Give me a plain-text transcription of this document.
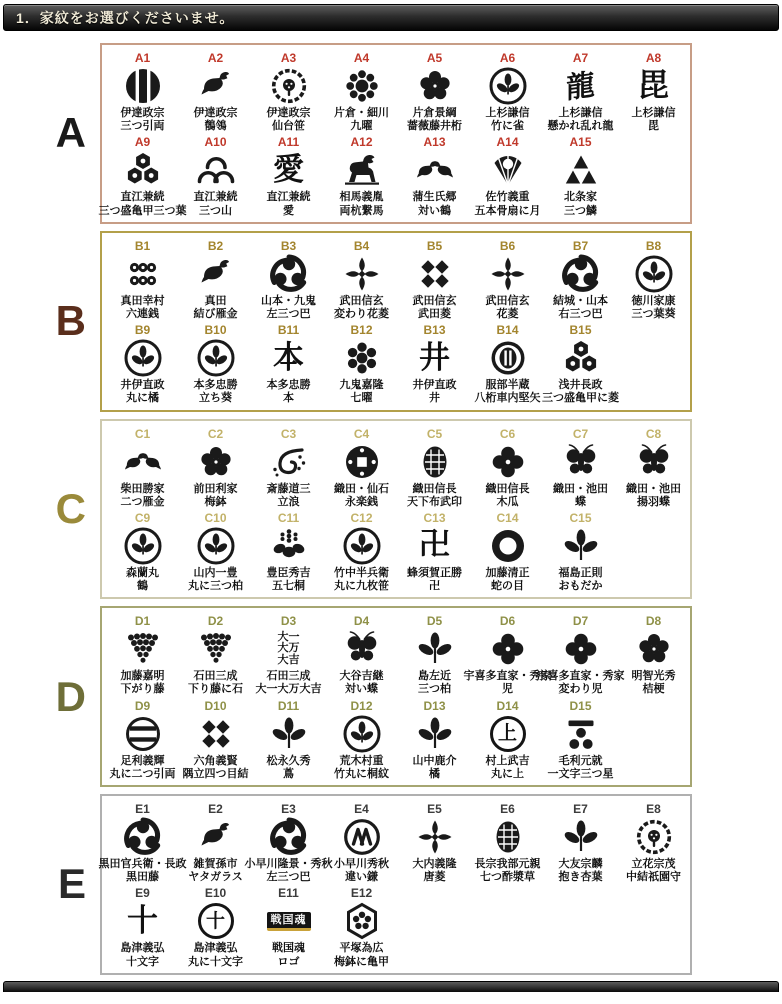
1．家紋をお選びくださいませ。
A
A1
伊達政宗
三つ引両
A2
伊達政宗
鶺鴒
A3
伊達政宗
仙台笹
A4
片倉・細川
九曜
A5
片倉景綱
薔薇藤井桁
A6
上杉謙信
竹に雀
A7
龍
上杉謙信
懸かれ乱れ龍
A8
毘
上杉謙信
毘
A9
直江兼続
三つ盛亀甲三つ葉
A10
直江兼続
三つ山
A11
愛
直江兼続
愛
A12
相馬義胤
両杭繋馬
A13
蒲生氏郷
対い鶴
A14
佐竹義重
五本骨扇に月
A15
北条家
三つ鱗
B
B1
真田幸村
六連銭
B2
真田
結び雁金
B3
山本・九鬼
左三つ巴
B4
武田信玄
変わり花菱
B5
武田信玄
武田菱
B6
武田信玄
花菱
B7
結城・山本
右三つ巴
B8
徳川家康
三つ葉葵
B9
井伊直政
丸に橘
B10
本多忠勝
立ち葵
B11
本
本多忠勝
本
B12
九鬼嘉隆
七曜
B13
井
井伊直政
井
B14
服部半蔵
八桁車内堅矢
B15
浅井長政
三つ盛亀甲に菱
C
C1
柴田勝家
二つ雁金
C2
前田利家
梅鉢
C3
斎藤道三
立浪
C4
織田・仙石
永楽銭
C5
織田信長
天下布武印
C6
織田信長
木瓜
C7
織田・池田
蝶
C8
織田・池田
揚羽蝶
C9
森蘭丸
鶴
C10
山内一豊
丸に三つ柏
C11
豊臣秀吉
五七桐
C12
竹中半兵衛
丸に九枚笹
C13
卍
蜂須賀正勝
卍
C14
加藤清正
蛇の目
C15
福島正則
おもだか
D
D1
加藤嘉明
下がり藤
D2
石田三成
下り藤に石
D3
大一
大万
大吉
石田三成
大一大万大吉
D4
大谷吉継
対い蝶
D5
島左近
三つ柏
D6
宇喜多直家・秀家
児
D7
宇喜多直家・秀家
変わり児
D8
明智光秀
桔梗
D9
足利義輝
丸に二つ引両
D10
六角義賢
隅立四つ目結
D11
松永久秀
蔦
D12
荒木村重
竹丸に桐紋
D13
山中鹿介
橘
D14
上
村上武吉
丸に上
D15
毛利元就
一文字三つ星
E
E1
黒田官兵衛・長政
黒田藤
E2
雑賀孫市
ヤタガラス
E3
小早川隆景・秀秋
左三つ巴
E4
小早川秀秋
違い鎌
E5
大内義隆
唐菱
E6
長宗我部元親
七つ酢漿草
E7
大友宗麟
抱き杏葉
E8
立花宗茂
中結祇園守
E9
十
島津義弘
十文字
E10
十
島津義弘
丸に十文字
E11
戦国魂
戦国魂
ロゴ
E12
平塚為広
梅鉢に亀甲
